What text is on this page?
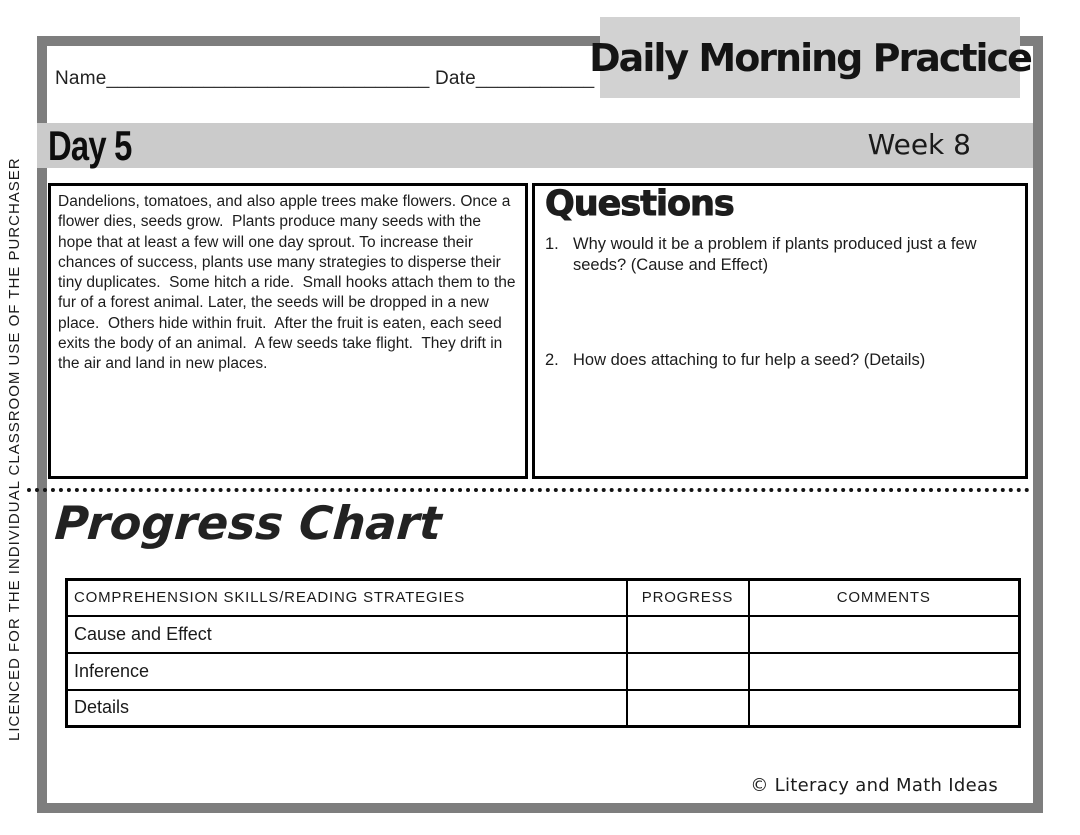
Daily Morning Practice
Name______________________________ Date___________
Day 5	Week 8
LICENCED FOR THE INDIVIDUAL CLASSROOM USE OF THE PURCHASER	Dandelions, tomatoes, and also apple trees make flowers. Once a flower dies, seeds grow.  Plants produce many seeds with the hope that at least a few will one day sprout. To increase their chances of success, plants use many strategies to disperse their tiny duplicates.  Some hitch a ride.  Small hooks attach them to the fur of a forest animal. Later, the seeds will be dropped in a new place.  Others hide within fruit.  After the fruit is eaten, each seed exits the body of an animal.  A few seeds take flight.  They drift in the air and land in new places.
Questions
1. Why would it be a problem if plants produced just a few seeds? (Cause and Effect)
2. How does attaching to fur help a seed? (Details)
Progress Chart
COMPREHENSION SKILLS/READING STRATEGIES	PROGRESS	COMMENTS
Cause and Effect		
Inference		
Details		
© Literacy and Math Ideas
